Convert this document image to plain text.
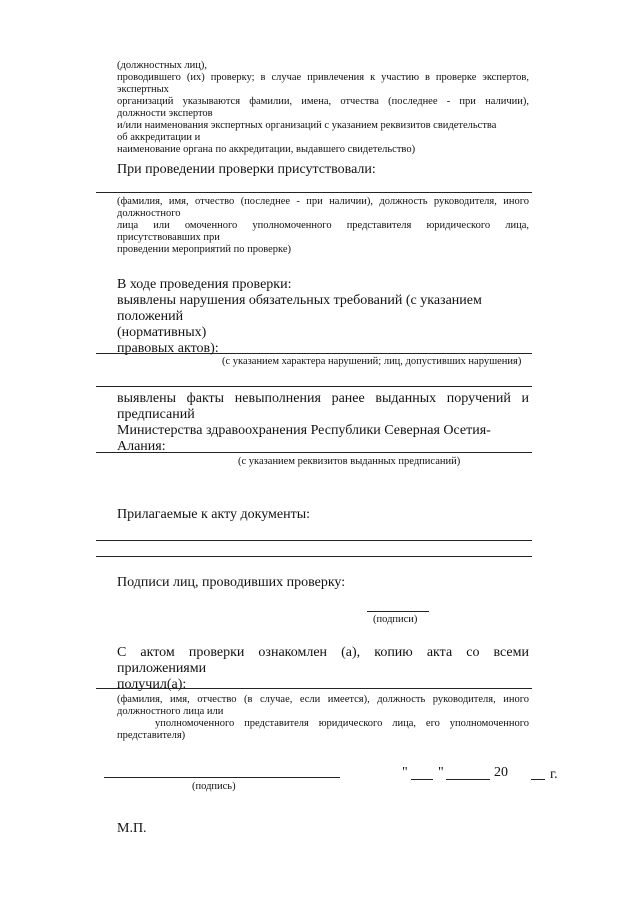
(должностных лиц),
проводившего (их) проверку; в случае привлечения к участию в проверке экспертов,
экспертных
организаций указываются фамилии, имена, отчества (последнее - при наличии),
должности экспертов
и/или наименования экспертных организаций с указанием реквизитов свидетельства
об аккредитации и
наименование органа по аккредитации, выдавшего свидетельство)
При проведении проверки присутствовали:
(фамилия, имя, отчество (последнее - при наличии), должность руководителя, иного
должностного
лица или омоченного уполномоченного представителя юридического лица,
присутствовавших при
проведении мероприятий по проверке)
В ходе проведения проверки:
выявлены нарушения обязательных требований (с указанием положений
(нормативных)
правовых актов):
(с указанием характера нарушений; лиц, допустивших нарушения)
выявлены факты невыполнения ранее выданных поручений и
предписаний
Министерства здравоохранения Республики Северная Осетия-Алания:
(с указанием реквизитов выданных предписаний)
Прилагаемые к акту документы:
Подписи лиц, проводивших проверку:
(подписи)
С актом проверки ознакомлен (а), копию акта со всеми приложениями
получил(а):
(фамилия, имя, отчество (в случае, если имеется), должность руководителя, иного
должностного лица или
уполномоченного представителя юридического лица, его уполномоченного
представителя)
(подпись)
" "	20	г.
М.П.
